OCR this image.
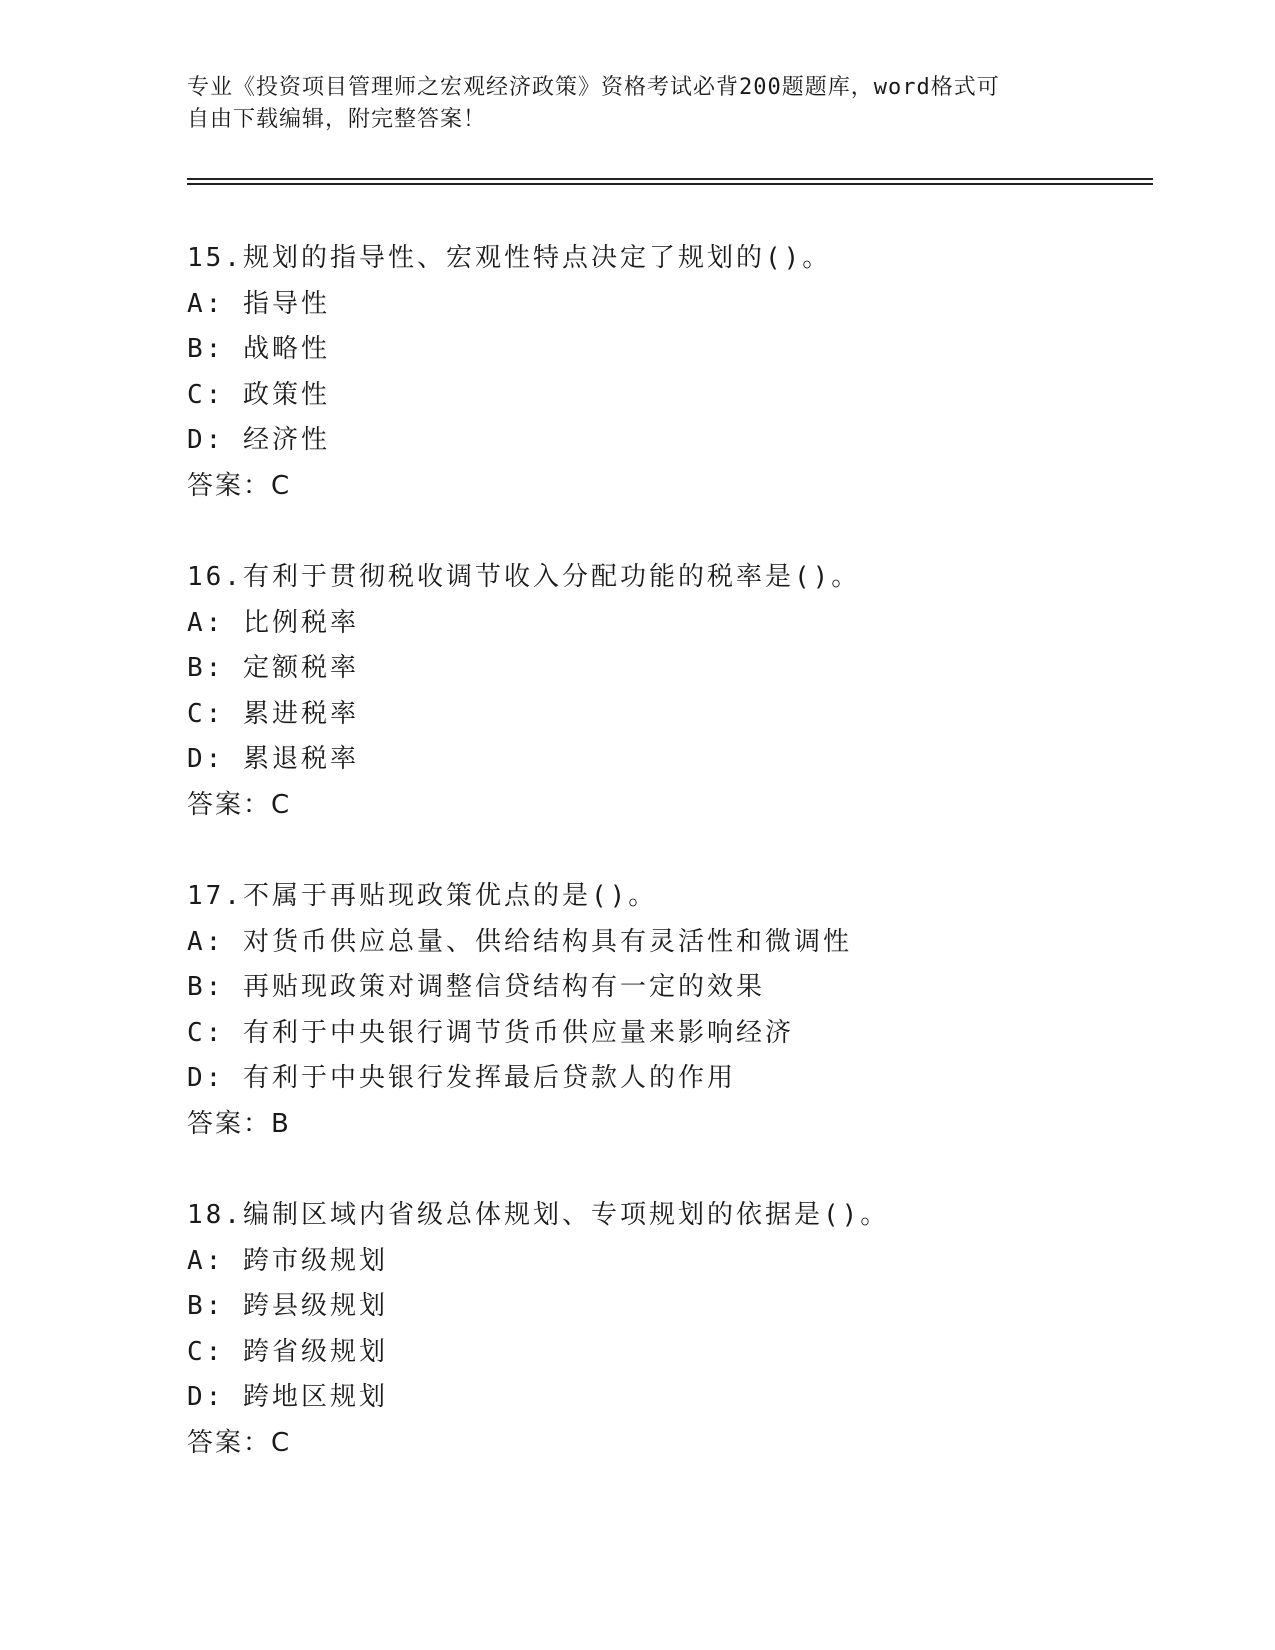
专业《投资项目管理师之宏观经济政策》资格考试必背200题题库，word格式可
自由下载编辑，附完整答案！
15.规划的指导性、宏观性特点决定了规划的()。
A: 指导性
B: 战略性
C: 政策性
D: 经济性
答案：C
16.有利于贯彻税收调节收入分配功能的税率是()。
A: 比例税率
B: 定额税率
C: 累进税率
D: 累退税率
答案：C
17.不属于再贴现政策优点的是()。
A: 对货币供应总量、供给结构具有灵活性和微调性
B: 再贴现政策对调整信贷结构有一定的效果
C: 有利于中央银行调节货币供应量来影响经济
D: 有利于中央银行发挥最后贷款人的作用
答案：B
18.编制区域内省级总体规划、专项规划的依据是()。
A: 跨市级规划
B: 跨县级规划
C: 跨省级规划
D: 跨地区规划
答案：C
